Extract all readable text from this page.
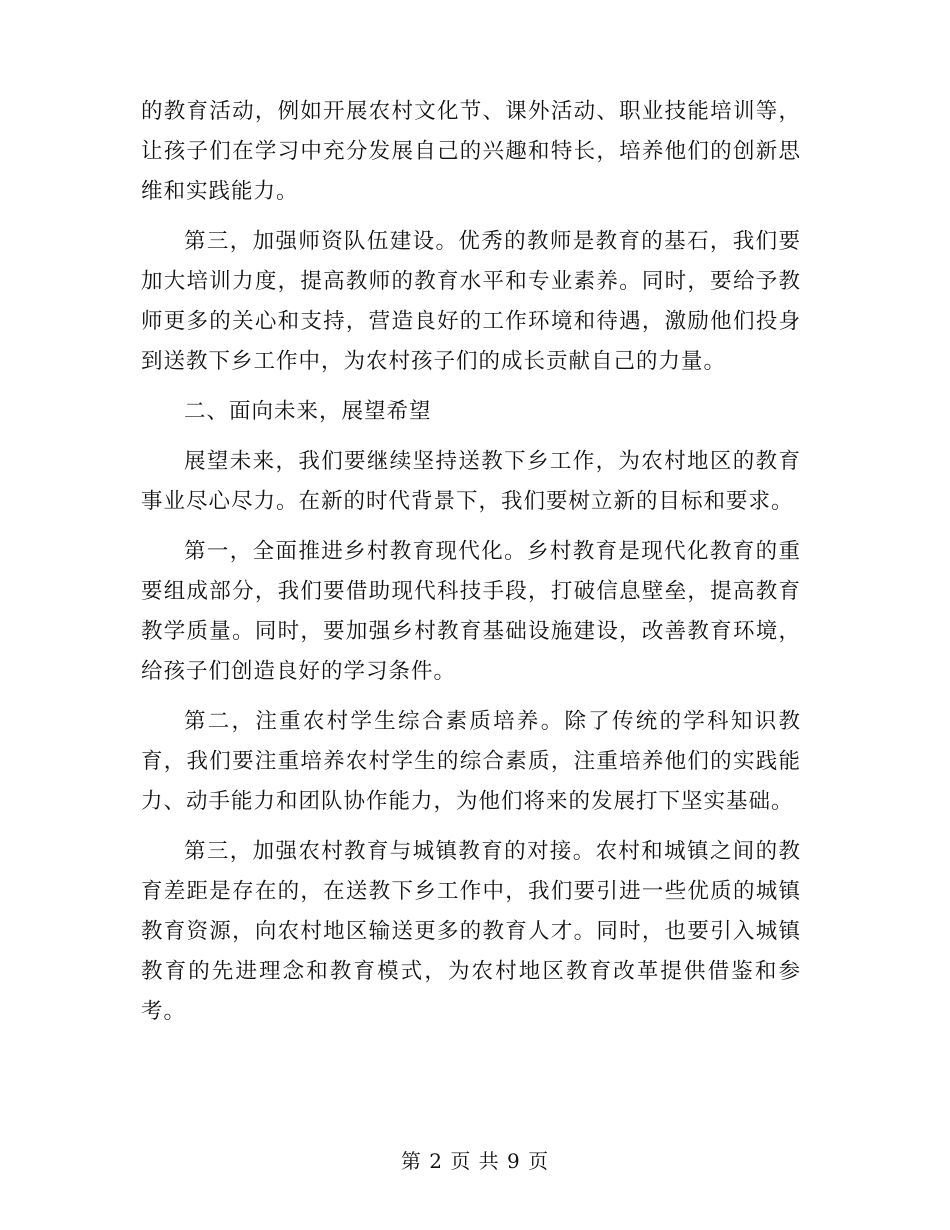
的教育活动，例如开展农村文化节、课外活动、职业技能培训等，让孩子们在学习中充分发展自己的兴趣和特长，培养他们的创新思维和实践能力。

第三，加强师资队伍建设。优秀的教师是教育的基石，我们要加大培训力度，提高教师的教育水平和专业素养。同时，要给予教师更多的关心和支持，营造良好的工作环境和待遇，激励他们投身到送教下乡工作中，为农村孩子们的成长贡献自己的力量。

二、面向未来，展望希望

展望未来，我们要继续坚持送教下乡工作，为农村地区的教育事业尽心尽力。在新的时代背景下，我们要树立新的目标和要求。

第一，全面推进乡村教育现代化。乡村教育是现代化教育的重要组成部分，我们要借助现代科技手段，打破信息壁垒，提高教育教学质量。同时，要加强乡村教育基础设施建设，改善教育环境，给孩子们创造良好的学习条件。

第二，注重农村学生综合素质培养。除了传统的学科知识教育，我们要注重培养农村学生的综合素质，注重培养他们的实践能力、动手能力和团队协作能力，为他们将来的发展打下坚实基础。

第三，加强农村教育与城镇教育的对接。农村和城镇之间的教育差距是存在的，在送教下乡工作中，我们要引进一些优质的城镇教育资源，向农村地区输送更多的教育人才。同时，也要引入城镇教育的先进理念和教育模式，为农村地区教育改革提供借鉴和参考。

第 2 页 共 9 页
